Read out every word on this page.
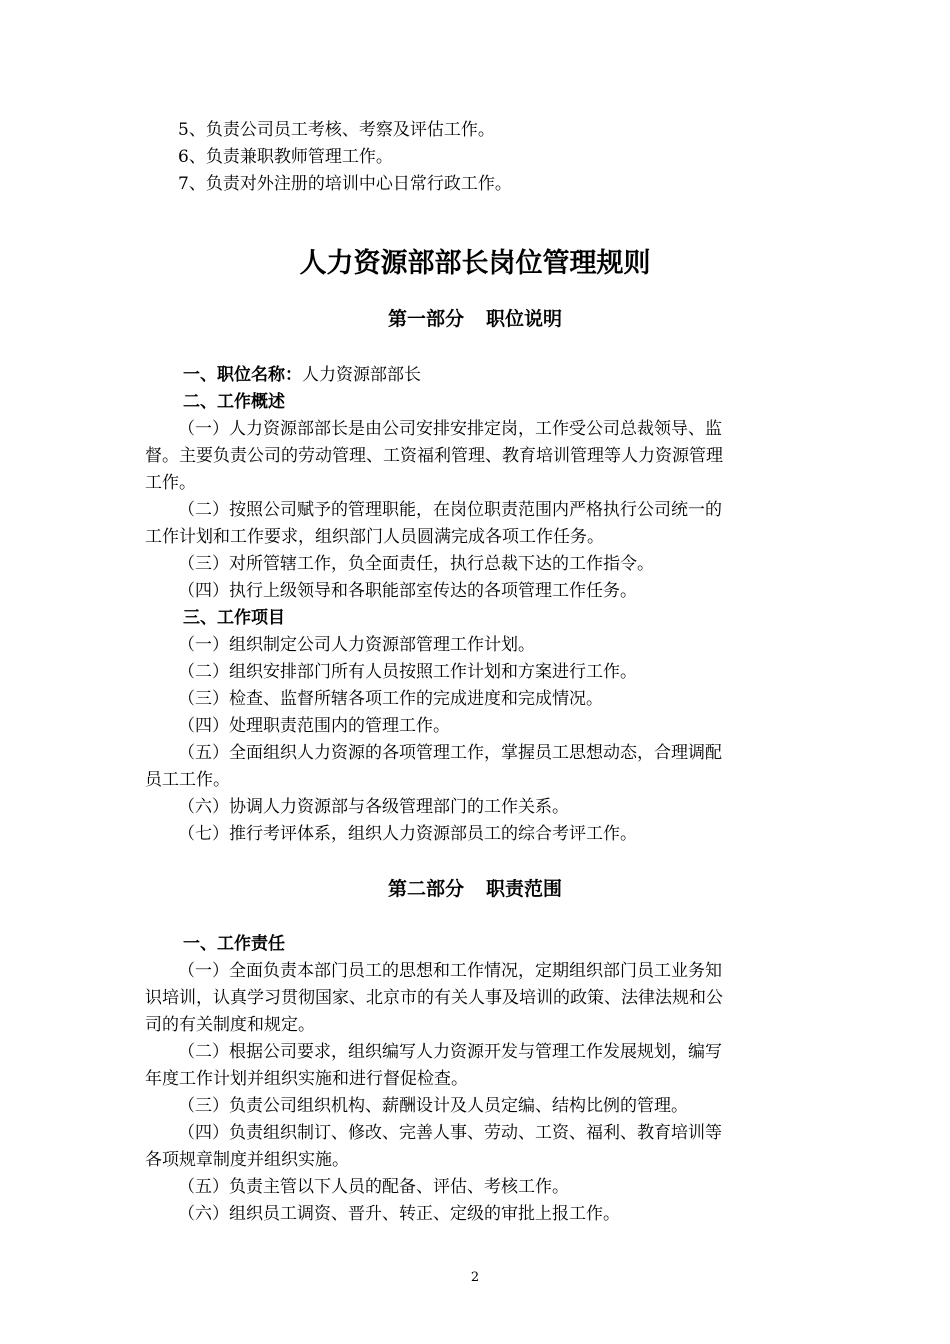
5、负责公司员工考核、考察及评估工作。
6、负责兼职教师管理工作。
7、负责对外注册的培训中心日常行政工作。
人力资源部部长岗位管理规则
第一部分 职位说明
一、职位名称：人力资源部部长
二、工作概述
（一）人力资源部部长是由公司安排安排定岗，工作受公司总裁领导、监
督。主要负责公司的劳动管理、工资福利管理、教育培训管理等人力资源管理
工作。
（二）按照公司赋予的管理职能，在岗位职责范围内严格执行公司统一的
工作计划和工作要求，组织部门人员圆满完成各项工作任务。
（三）对所管辖工作，负全面责任，执行总裁下达的工作指令。
（四）执行上级领导和各职能部室传达的各项管理工作任务。
三、工作项目
（一）组织制定公司人力资源部管理工作计划。
（二）组织安排部门所有人员按照工作计划和方案进行工作。
（三）检查、监督所辖各项工作的完成进度和完成情况。
（四）处理职责范围内的管理工作。
（五）全面组织人力资源的各项管理工作，掌握员工思想动态，合理调配
员工工作。
（六）协调人力资源部与各级管理部门的工作关系。
（七）推行考评体系，组织人力资源部员工的综合考评工作。
第二部分 职责范围
一、工作责任
（一）全面负责本部门员工的思想和工作情况，定期组织部门员工业务知
识培训，认真学习贯彻国家、北京市的有关人事及培训的政策、法律法规和公
司的有关制度和规定。
（二）根据公司要求，组织编写人力资源开发与管理工作发展规划，编写
年度工作计划并组织实施和进行督促检查。
（三）负责公司组织机构、薪酬设计及人员定编、结构比例的管理。
（四）负责组织制订、修改、完善人事、劳动、工资、福利、教育培训等
各项规章制度并组织实施。
（五）负责主管以下人员的配备、评估、考核工作。
（六）组织员工调资、晋升、转正、定级的审批上报工作。
2
